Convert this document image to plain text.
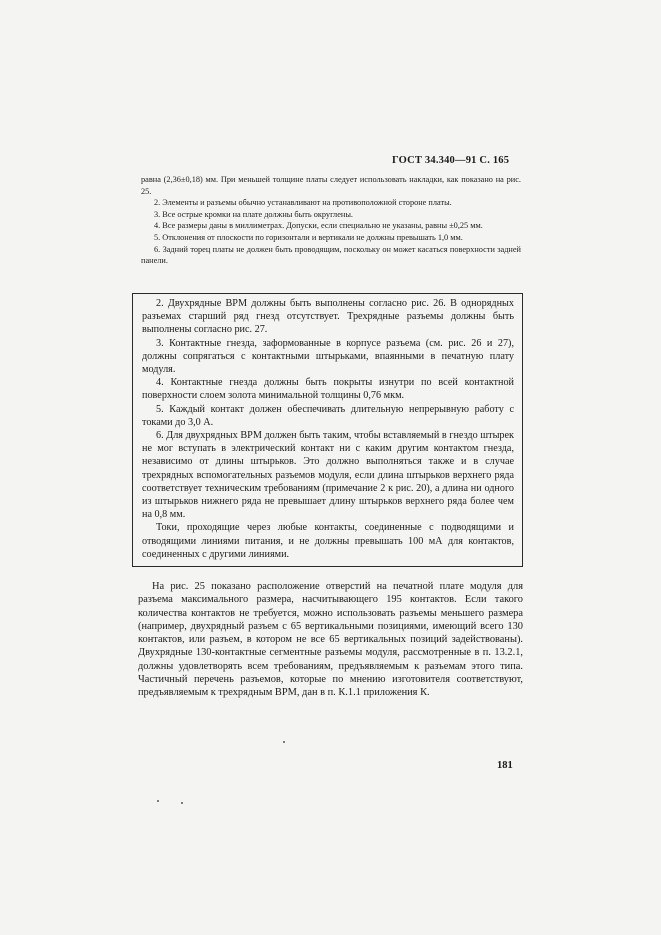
ГОСТ 34.340—91 С. 165

равна (2,36±0,18) мм. При меньшей толщине платы следует использовать накладки, как показано на рис. 25.

2. Элементы и разъемы обычно устанавливают на противоположной стороне платы.

3. Все острые кромки на плате должны быть округлены.

4. Все размеры даны в миллиметрах. Допуски, если специально не указаны, равны ±0,25 мм.

5. Отклонения от плоскости по горизонтали и вертикали не должны превышать 1,0 мм.

6. Задний торец платы не должен быть проводящим, поскольку он может касаться поверхности задней панели.

2. Двухрядные ВРМ должны быть выполнены согласно рис. 26. В однорядных разъемах старший ряд гнезд отсутствует. Трехрядные разъемы должны быть выполнены согласно рис. 27.

3. Контактные гнезда, заформованные в корпусе разъема (см. рис. 26 и 27), должны сопрягаться с контактными штырьками, впаянными в печатную плату модуля.

4. Контактные гнезда должны быть покрыты изнутри по всей контактной поверхности слоем золота минимальной толщины 0,76 мкм.

5. Каждый контакт должен обеспечивать длительную непрерывную работу с токами до 3,0 А.

6. Для двухрядных ВРМ должен быть таким, чтобы вставляемый в гнездо штырек не мог вступать в электрический контакт ни с каким другим контактом гнезда, независимо от длины штырьков. Это должно выполняться также и в случае трехрядных вспомогательных разъемов модуля, если длина штырьков верхнего ряда соответствует техническим требованиям (примечание 2 к рис. 20), а длина ни одного из штырьков нижнего ряда не превышает длину штырьков верхнего ряда более чем на 0,8 мм.

Токи, проходящие через любые контакты, соединенные с подводящими и отводящими линиями питания, и не должны превышать 100 мА для контактов, соединенных с другими линиями.

На рис. 25 показано расположение отверстий на печатной плате модуля для разъема максимального размера, насчитывающего 195 контактов. Если такого количества контактов не требуется, можно использовать разъемы меньшего размера (например, двухрядный разъем с 65 вертикальными позициями, имеющий всего 130 контактов, или разъем, в котором не все 65 вертикальных позиций задействованы). Двухрядные 130-контактные сегментные разъемы модуля, рассмотренные в п. 13.2.1, должны удовлетворять всем требованиям, предъявляемым к разъемам этого типа. Частичный перечень разъемов, которые по мнению изготовителя соответствуют, предъявляемым к трехрядным ВРМ, дан в п. К.1.1 приложения К.

181
